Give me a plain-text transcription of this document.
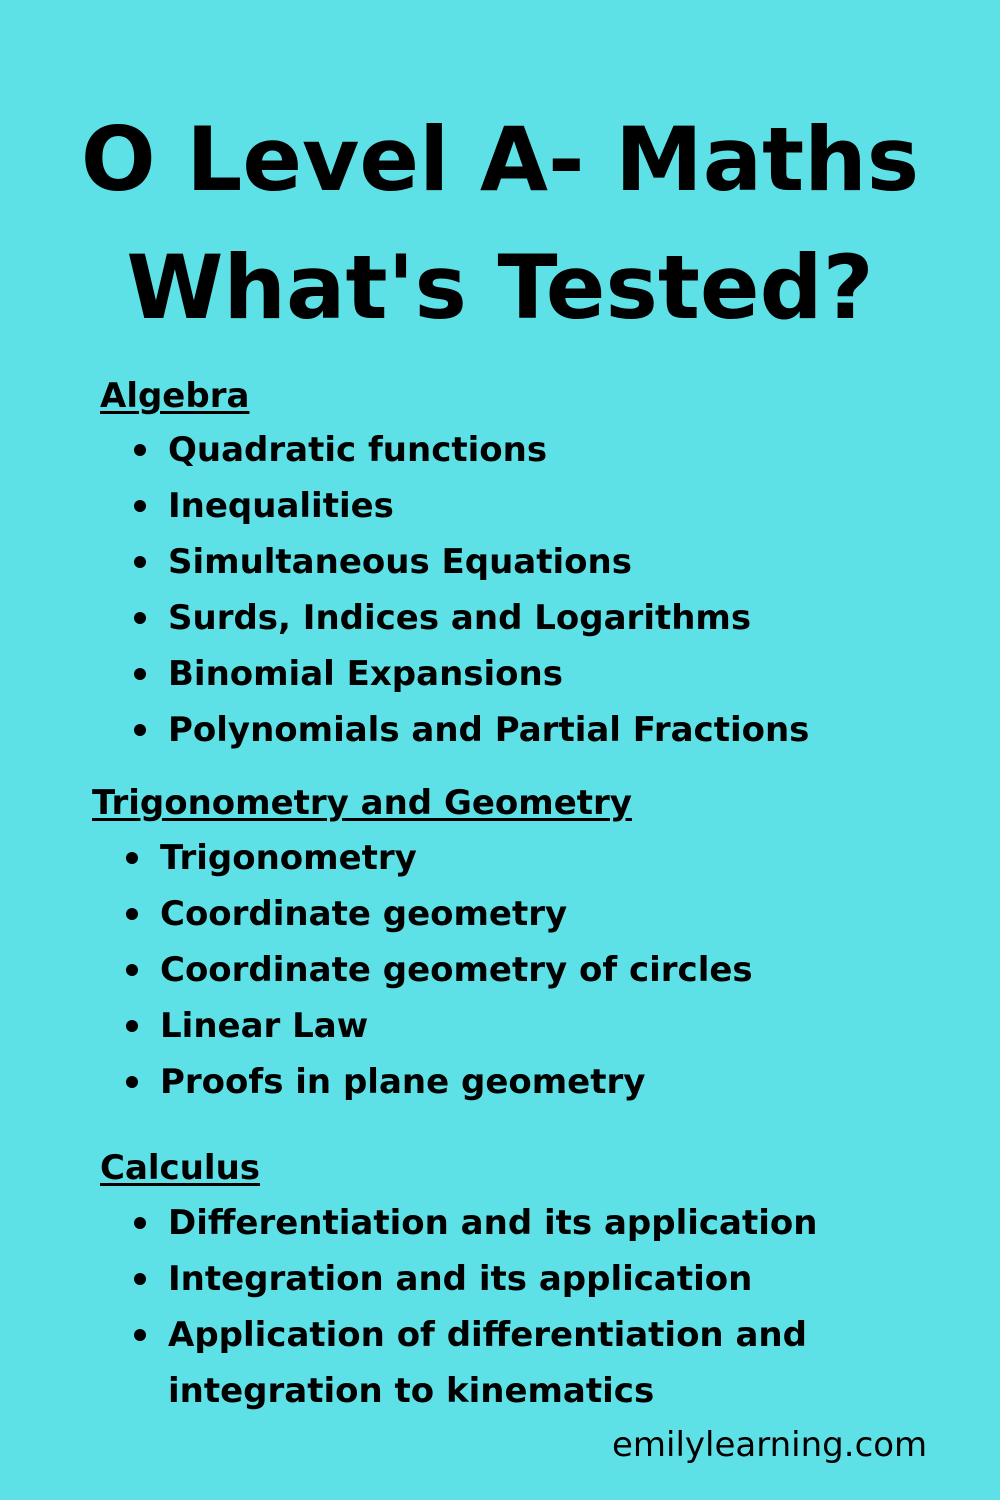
O Level A- Maths
What's Tested?
Algebra
Quadratic functions
Inequalities
Simultaneous Equations
Surds, Indices and Logarithms
Binomial Expansions
Polynomials and Partial Fractions
Trigonometry and Geometry
Trigonometry
Coordinate geometry
Coordinate geometry of circles
Linear Law
Proofs in plane geometry
Calculus
Differentiation and its application
Integration and its application
Application of differentiation and
integration to kinematics
emilylearning.com
